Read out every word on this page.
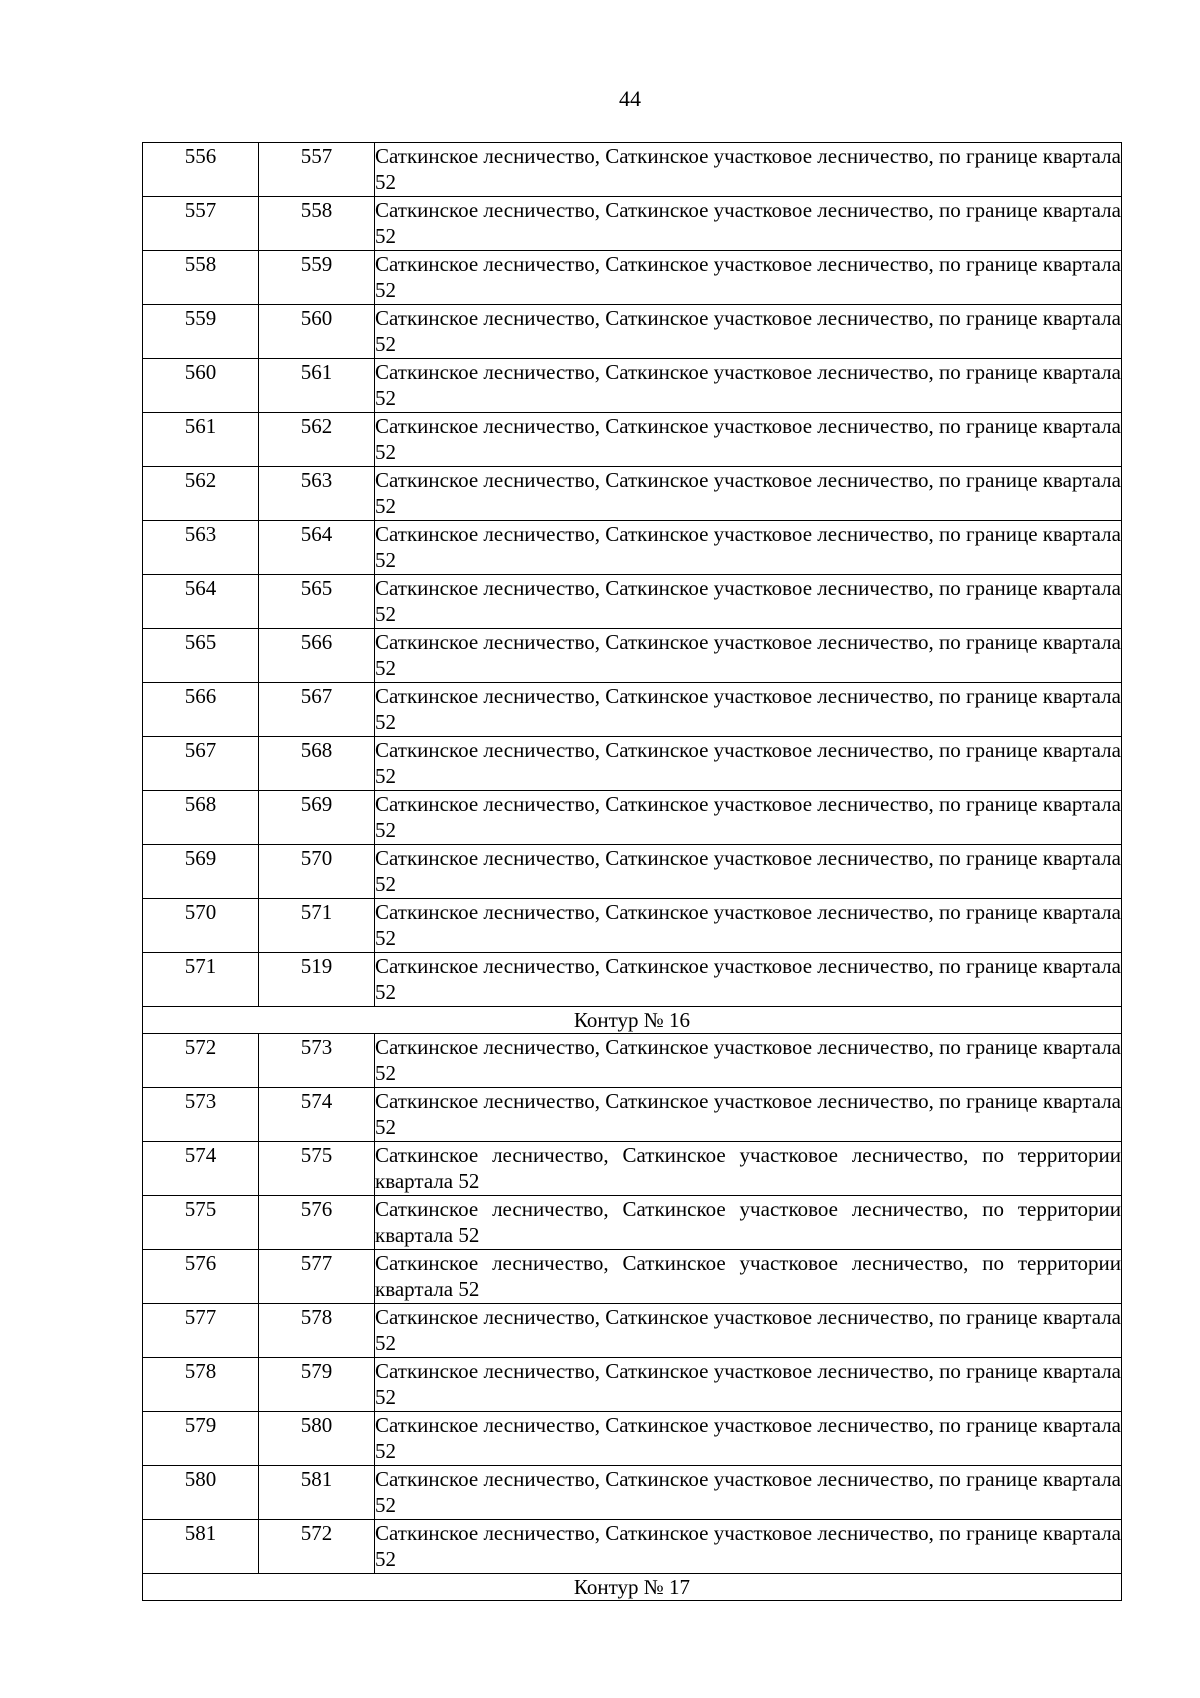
44
556	557	Саткинское лесничество, Саткинское участковое лесничество, по границе квартала 52
557	558	Саткинское лесничество, Саткинское участковое лесничество, по границе квартала 52
558	559	Саткинское лесничество, Саткинское участковое лесничество, по границе квартала 52
559	560	Саткинское лесничество, Саткинское участковое лесничество, по границе квартала 52
560	561	Саткинское лесничество, Саткинское участковое лесничество, по границе квартала 52
561	562	Саткинское лесничество, Саткинское участковое лесничество, по границе квартала 52
562	563	Саткинское лесничество, Саткинское участковое лесничество, по границе квартала 52
563	564	Саткинское лесничество, Саткинское участковое лесничество, по границе квартала 52
564	565	Саткинское лесничество, Саткинское участковое лесничество, по границе квартала 52
565	566	Саткинское лесничество, Саткинское участковое лесничество, по границе квартала 52
566	567	Саткинское лесничество, Саткинское участковое лесничество, по границе квартала 52
567	568	Саткинское лесничество, Саткинское участковое лесничество, по границе квартала 52
568	569	Саткинское лесничество, Саткинское участковое лесничество, по границе квартала 52
569	570	Саткинское лесничество, Саткинское участковое лесничество, по границе квартала 52
570	571	Саткинское лесничество, Саткинское участковое лесничество, по границе квартала 52
571	519	Саткинское лесничество, Саткинское участковое лесничество, по границе квартала 52
Контур № 16		
572	573	Саткинское лесничество, Саткинское участковое лесничество, по границе квартала 52
573	574	Саткинское лесничество, Саткинское участковое лесничество, по границе квартала 52
574	575	Саткинское лесничество, Саткинское участковое лесничество, по территории квартала 52
575	576	Саткинское лесничество, Саткинское участковое лесничество, по территории квартала 52
576	577	Саткинское лесничество, Саткинское участковое лесничество, по территории квартала 52
577	578	Саткинское лесничество, Саткинское участковое лесничество, по границе квартала 52
578	579	Саткинское лесничество, Саткинское участковое лесничество, по границе квартала 52
579	580	Саткинское лесничество, Саткинское участковое лесничество, по границе квартала 52
580	581	Саткинское лесничество, Саткинское участковое лесничество, по границе квартала 52
581	572	Саткинское лесничество, Саткинское участковое лесничество, по границе квартала 52
Контур № 17		
